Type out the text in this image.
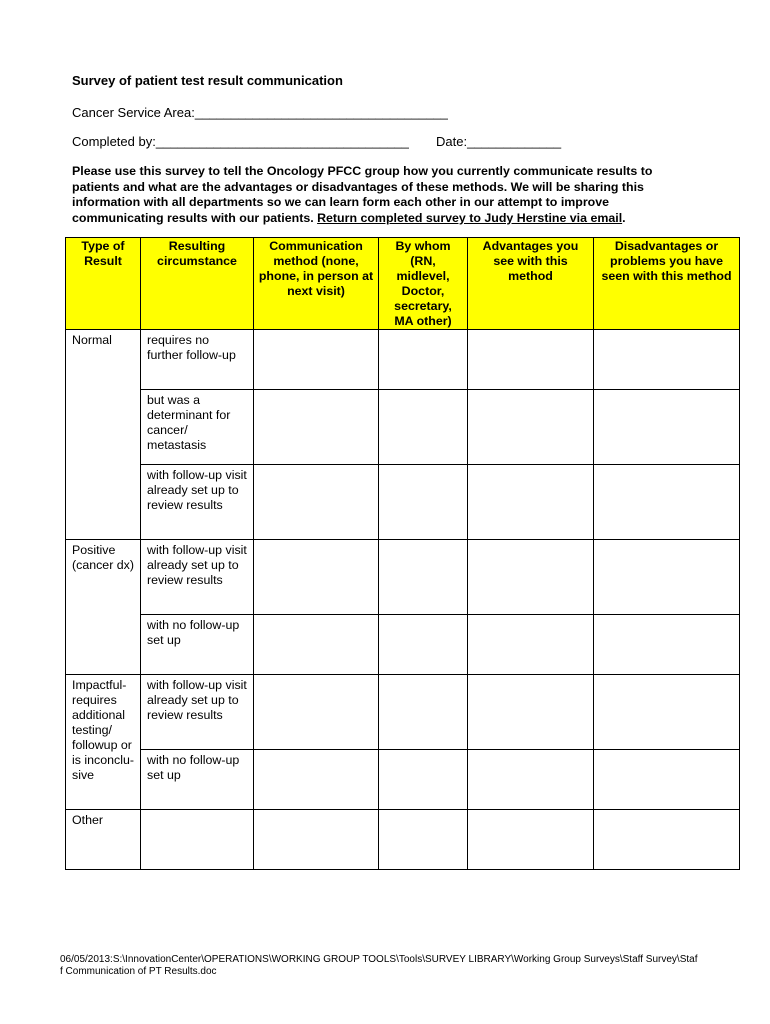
Survey of patient test result communication
Cancer Service Area:___________________________________
Completed by:___________________________________ Date:_____________
Please use this survey to tell the Oncology PFCC group how you currently communicate results to patients and what are the advantages or disadvantages of these methods. We will be sharing this information with all departments so we can learn form each other in our attempt to improve communicating results with our patients. Return completed survey to Judy Herstine via email.
Type of Result	Resulting circumstance	Communication method (none, phone, in person at next visit)	By whom (RN, midlevel, Doctor, secretary, MA other)	Advantages you see with this method	Disadvantages or problems you have seen with this method
Normal	requires no further follow-up				
	but was a determinant for cancer/ metastasis				
	with follow-up visit already set up to review results				
Positive (cancer dx)	with follow-up visit already set up to review results				
	with no follow-up set up				
Impactful- requires additional testing/ followup or is inconclu-sive	with follow-up visit already set up to review results				
	with no follow-up set up				
Other					
06/05/2013:S:\InnovationCenter\OPERATIONS\WORKING GROUP TOOLS\Tools\SURVEY LIBRARY\Working Group Surveys\Staff Survey\Staff Communication of PT Results.doc
